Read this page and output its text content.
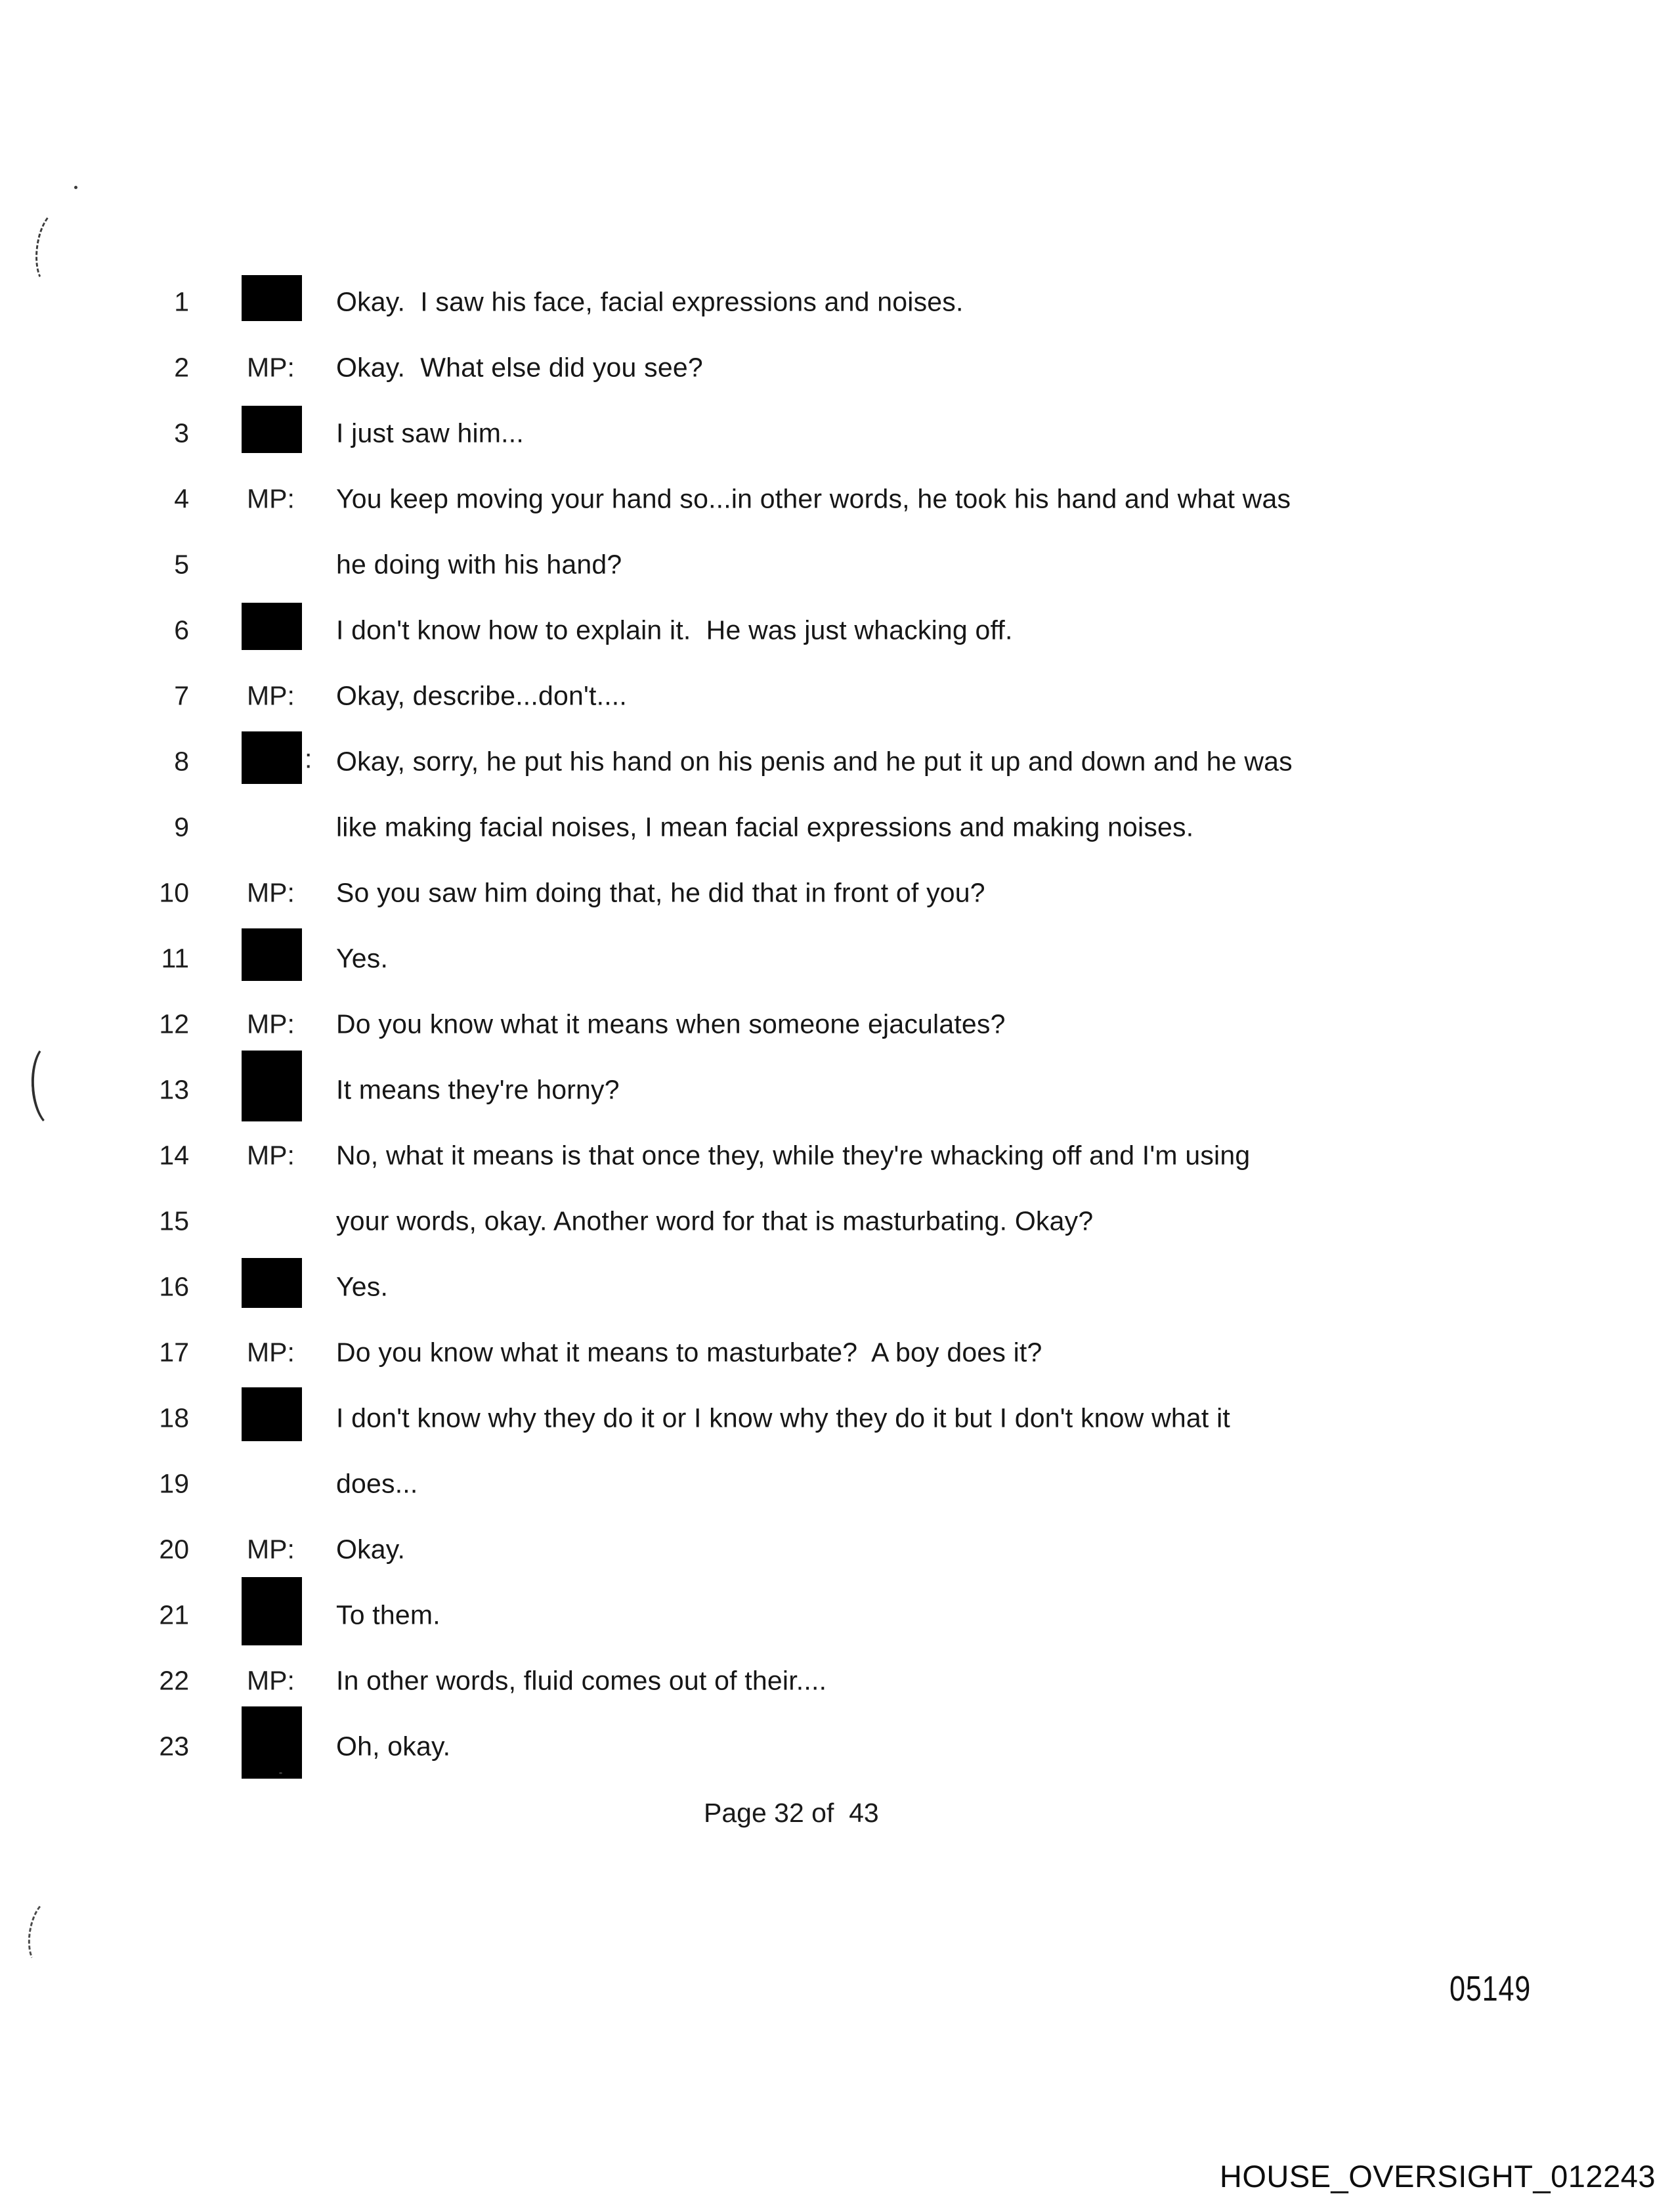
1	Okay.  I saw his face, facial expressions and noises.
2 MP: Okay.  What else did you see?
3	I just saw him...
4 MP: You keep moving your hand so...in other words, he took his hand and what was
5	he doing with his hand?
6	I don't know how to explain it.  He was just whacking off.
7 MP: Okay, describe...don't....
8	: Okay, sorry, he put his hand on his penis and he put it up and down and he was
9	like making facial noises, I mean facial expressions and making noises.
10 MP: So you saw him doing that, he did that in front of you?
11	Yes.
12 MP: Do you know what it means when someone ejaculates?
13	It means they're horny?
14 MP: No, what it means is that once they, while they're whacking off and I'm using
15	your words, okay. Another word for that is masturbating. Okay?
16	Yes.
17 MP: Do you know what it means to masturbate?  A boy does it?
18	I don't know why they do it or I know why they do it but I don't know what it
19	does...
20 MP: Okay.
21	To them.
22 MP: In other words, fluid comes out of their....
23	Oh, okay.
Page 32 of  43
05149
HOUSE_OVERSIGHT_012243
